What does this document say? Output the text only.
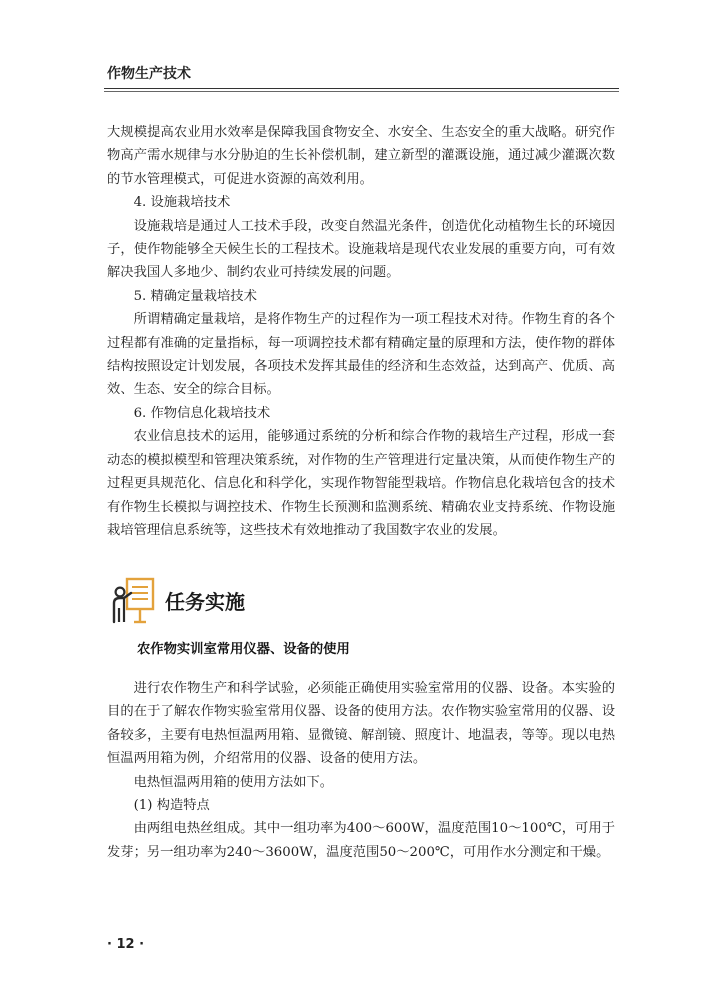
作物生产技术

大规模提高农业用水效率是保障我国食物安全、水安全、生态安全的重大战略。研究作物高产需水规律与水分胁迫的生长补偿机制，建立新型的灌溉设施，通过减少灌溉次数的节水管理模式，可促进水资源的高效利用。

4. 设施栽培技术

设施栽培是通过人工技术手段，改变自然温光条件，创造优化动植物生长的环境因子，使作物能够全天候生长的工程技术。设施栽培是现代农业发展的重要方向，可有效解决我国人多地少、制约农业可持续发展的问题。

5. 精确定量栽培技术

所谓精确定量栽培，是将作物生产的过程作为一项工程技术对待。作物生育的各个过程都有准确的定量指标，每一项调控技术都有精确定量的原理和方法，使作物的群体结构按照设定计划发展，各项技术发挥其最佳的经济和生态效益，达到高产、优质、高效、生态、安全的综合目标。

6. 作物信息化栽培技术

农业信息技术的运用，能够通过系统的分析和综合作物的栽培生产过程，形成一套动态的模拟模型和管理决策系统，对作物的生产管理进行定量决策，从而使作物生产的过程更具规范化、信息化和科学化，实现作物智能型栽培。作物信息化栽培包含的技术有作物生长模拟与调控技术、作物生长预测和监测系统、精确农业支持系统、作物设施栽培管理信息系统等，这些技术有效地推动了我国数字农业的发展。

任务实施
农作物实训室常用仪器、设备的使用

进行农作物生产和科学试验，必须能正确使用实验室常用的仪器、设备。本实验的目的在于了解农作物实验室常用仪器、设备的使用方法。农作物实验室常用的仪器、设备较多，主要有电热恒温两用箱、显微镜、解剖镜、照度计、地温表，等等。现以电热恒温两用箱为例，介绍常用的仪器、设备的使用方法。

电热恒温两用箱的使用方法如下。

(1) 构造特点

由两组电热丝组成。其中一组功率为400～600W，温度范围10～100℃，可用于发芽；另一组功率为240～3600W，温度范围50～200℃，可用作水分测定和干燥。

· 12 ·
